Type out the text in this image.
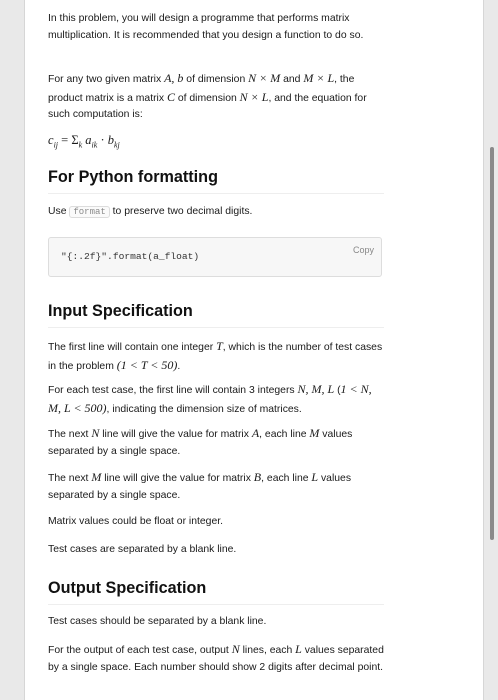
In this problem, you will design a programme that performs matrix multiplication. It is recommended that you design a function to do so.

For any two given matrix A, b of dimension N × M and M × L, the product matrix is a matrix C of dimension N × L, and the equation for such computation is:

$c_{ij} = \Sigma_k$ $a_{ik} \cdot b_{kj}$
For Python formatting

Use format to preserve two decimal digits.

"{:.2f}".format(a_float)
Copy
Input Specification

The first line will contain one integer T, which is the number of test cases in the problem (1 < T < 50).

For each test case, the first line will contain 3 integers N, M, L (1 < N, M, L < 500), indicating the dimension size of matrices.

The next N line will give the value for matrix A, each line M values separated by a single space.

The next M line will give the value for matrix B, each line L values separated by a single space.

Matrix values could be float or integer.

Test cases are separated by a blank line.

Output Specification

Test cases should be separated by a blank line.

For the output of each test case, output N lines, each L values separated by a single space. Each number should show 2 digits after decimal point.
